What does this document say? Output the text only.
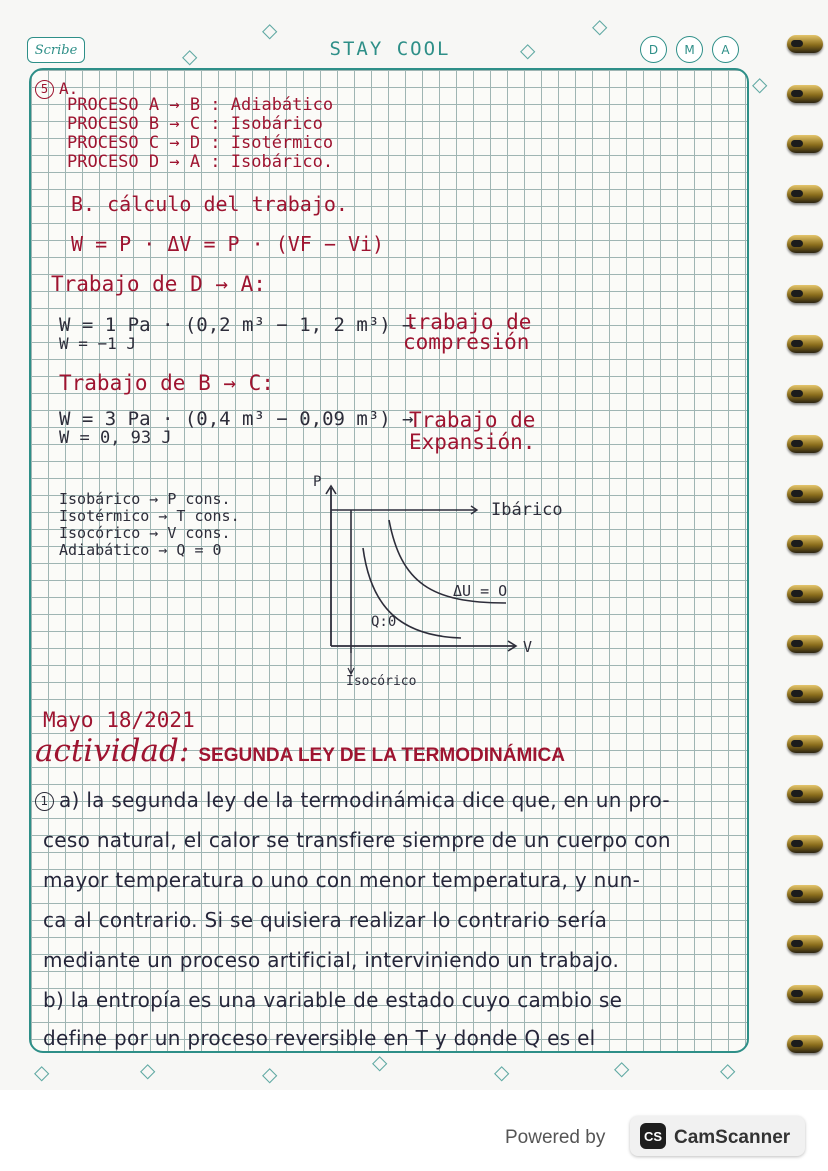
Scribe	STAY COOL	D	M	A
◇
◇
◇
◇
◇
5 A.
PROCESO A → B : Adiabático
PROCESO B → C : Isobárico
PROCESO C → D : Isotérmico
PROCESO D → A : Isobárico.
B. cálculo del trabajo.
W = P · ΔV = P · (VF − Vi)
Trabajo de D → A:
W = 1 Pa · (0,2 m³ − 1, 2 m³) →
W = −1 J
trabajo de
compresión
Trabajo de B → C:
W = 3 Pa · (0,4 m³ − 0,09 m³) →
W = 0, 93 J
Trabajo de
Expansión.
Isobárico → P cons.
Isotérmico → T cons.
Isocórico → V cons.
Adiabático → Q = 0
P
V
Ibárico
ΔU = O
Q:0
Isocórico
Mayo 18/2021
actividad: SEGUNDA LEY DE LA TERMODINÁMICA
1 a) la segunda ley de la termodinámica dice que, en un pro-
ceso natural, el calor se transfiere siempre de un cuerpo con
mayor temperatura o uno con menor temperatura, y nun-
ca al contrario. Si se quisiera realizar lo contrario sería
mediante un proceso artificial, interviniendo un trabajo.
b) la entropía es una variable de estado cuyo cambio se
define por un proceso reversible en T y donde Q es el
◇	◇	◇	◇	◇	◇	◇
Powered by	CS CamScanner
